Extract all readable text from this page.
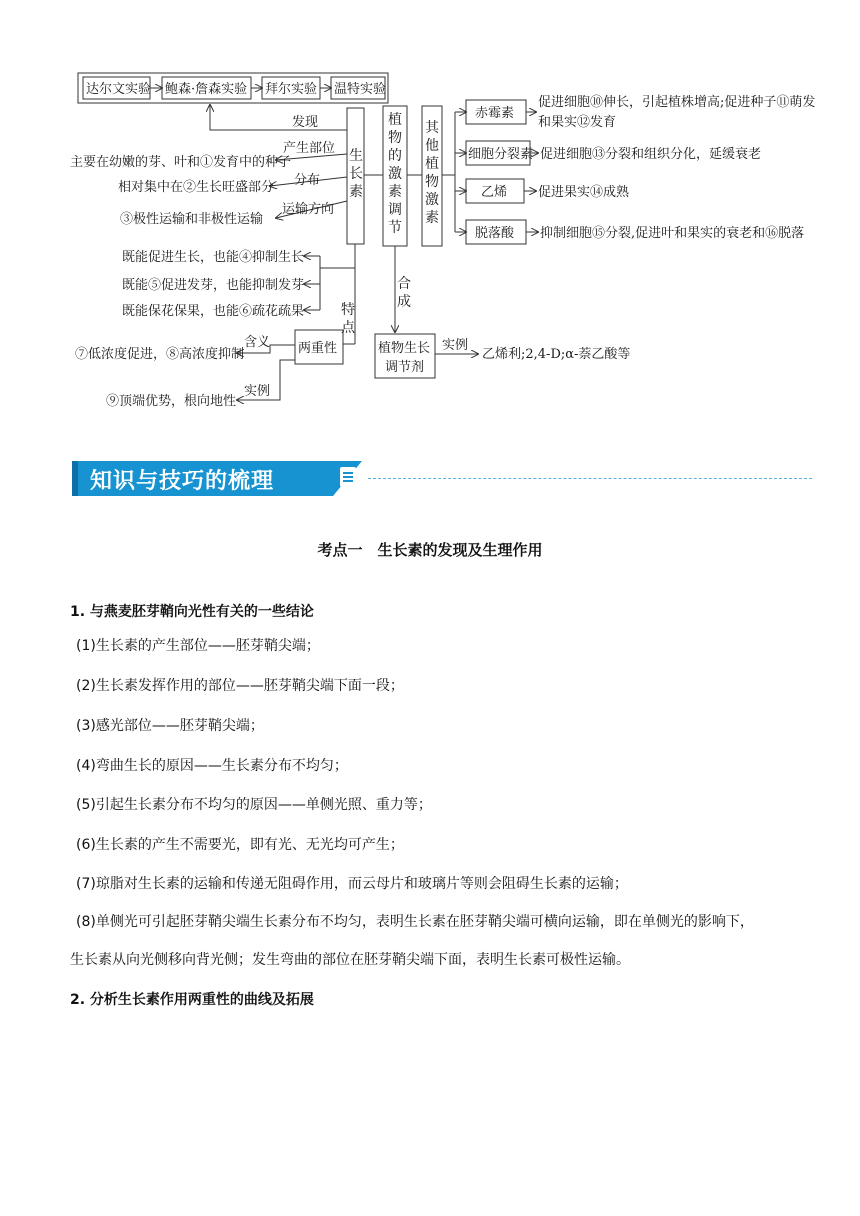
达尔文实验 鲍森·詹森实验 拜尔实验 温特实验
发现
产生部位
分布
运输方向
生
长
素
植
物
的
激
素
调
节
其
他
植
物
激
素
主要在幼嫩的芽、叶和①发育中的种子
相对集中在②生长旺盛部分
③极性运输和非极性运输
既能促进生长，也能④抑制生长
既能⑤促进发芽，也能抑制发芽
既能保花保果，也能⑥疏花疏果	特
点
合
成
两重性
含义
⑦低浓度促进，⑧高浓度抑制
实例
⑨顶端优势，根向地性
植物生长
调节剂
实例
乙烯利;2,4-D;α-萘乙酸等
赤霉素
促进细胞⑩伸长，引起植株增高;促进种子⑪萌发
和果实⑫发育
细胞分裂素 促进细胞⑬分裂和组织分化，延缓衰老
乙烯 促进果实⑭成熟
脱落酸 抑制细胞⑮分裂,促进叶和果实的衰老和⑯脱落
知识与技巧的梳理
考点一　生长素的发现及生理作用
1. 与燕麦胚芽鞘向光性有关的一些结论
(1)生长素的产生部位——胚芽鞘尖端；
(2)生长素发挥作用的部位——胚芽鞘尖端下面一段；
(3)感光部位——胚芽鞘尖端；
(4)弯曲生长的原因——生长素分布不均匀；
(5)引起生长素分布不均匀的原因——单侧光照、重力等；
(6)生长素的产生不需要光，即有光、无光均可产生；
(7)琼脂对生长素的运输和传递无阻碍作用，而云母片和玻璃片等则会阻碍生长素的运输；
(8)单侧光可引起胚芽鞘尖端生长素分布不均匀，表明生长素在胚芽鞘尖端可横向运输，即在单侧光的影响下，
生长素从向光侧移向背光侧；发生弯曲的部位在胚芽鞘尖端下面，表明生长素可极性运输。
2. 分析生长素作用两重性的曲线及拓展
